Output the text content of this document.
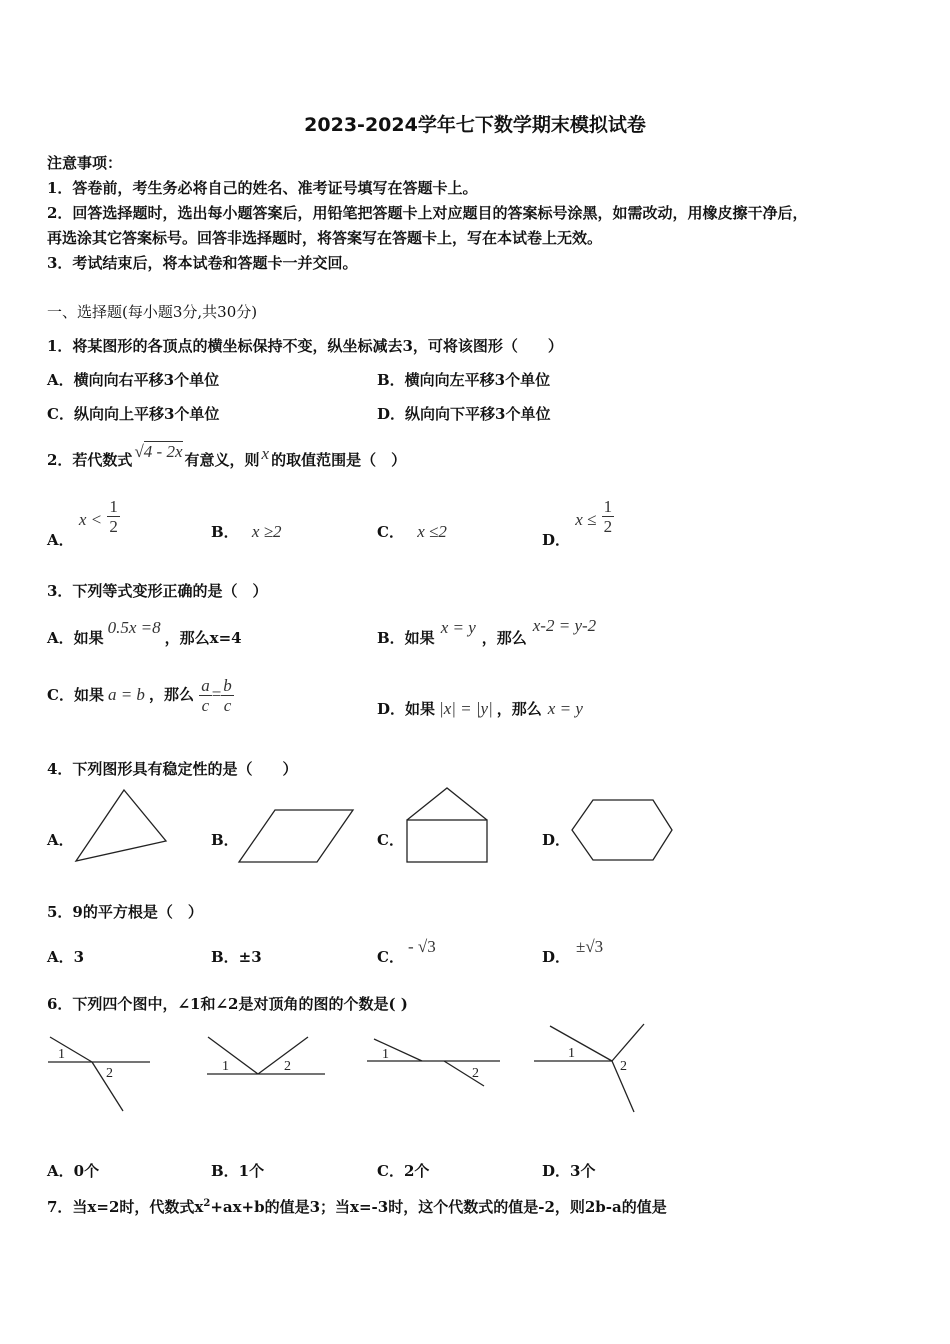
2023-2024学年七下数学期末模拟试卷
注意事项：
1．答卷前，考生务必将自己的姓名、准考证号填写在答题卡上。
2．回答选择题时，选出每小题答案后，用铅笔把答题卡上对应题目的答案标号涂黑，如需改动，用橡皮擦干净后，
再选涂其它答案标号。回答非选择题时，将答案写在答题卡上，写在本试卷上无效。
3．考试结束后，将本试卷和答题卡一并交回。
一、选择题(每小题3分,共30分)
1．将某图形的各顶点的横坐标保持不变，纵坐标减去3，可将该图形（　　）
A．横向向右平移3个单位	B．横向向左平移3个单位
C．纵向向上平移3个单位	D．纵向向下平移3个单位
2．若代数式 √4 - 2x 有意义，则 x 的取值范围是（　）
A． $x < \frac{1}{2}$	B． x ≥2	C． x ≤2	D． $x \le \frac{1}{2}$
3．下列等式变形正确的是（　）
A．如果0.5x =8，那么x=4	B．如果x = y，那么x-2 = y-2
C．如果 a = b ，那么 $\frac{a}{c} = \frac{b}{c}$	D．如果 |x| = |y| ，那么 x = y
4．下列图形具有稳定性的是（　　）
A．	B．	C．	D．
5．9的平方根是（　）
A．3	B．±3	C．- √3
D．±√3
6．下列四个图中，∠1和∠2是对顶角的图的个数是( )
1
2	1	2
1
2
1
2
A．0个	B．1个	C．2个	D．3个
7．当x=2时，代数式$x^2+ax+b$的值是3；当x=-3时，这个代数式的值是-2，则2b-a的值是
